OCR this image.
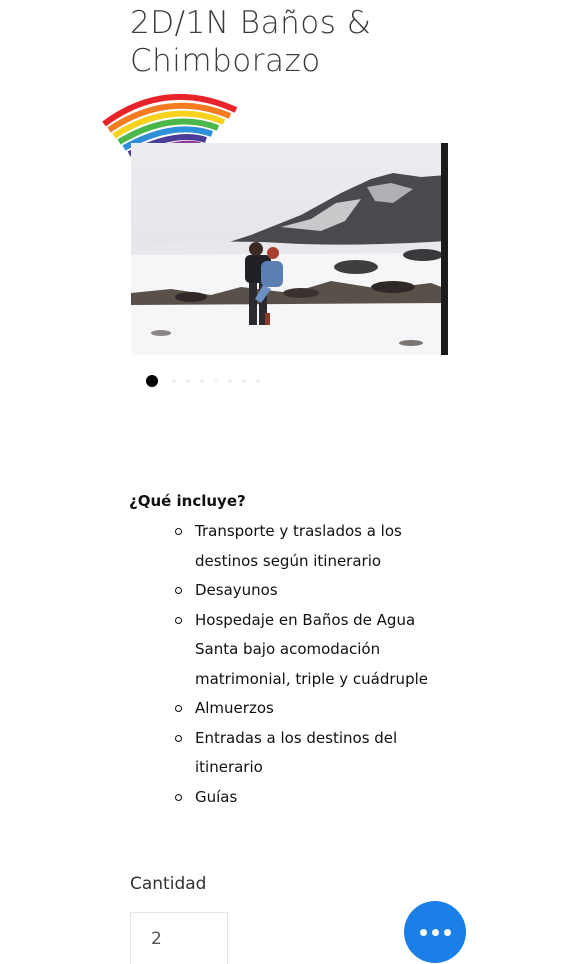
2D/1N Baños &
Chimborazo
¿Qué incluye?
Transporte y traslados a los
destinos según itinerario
Desayunos
Hospedaje en Baños de Agua
Santa bajo acomodación
matrimonial, triple y cuádruple
Almuerzos
Entradas a los destinos del
itinerario
Guías
Cantidad
2
